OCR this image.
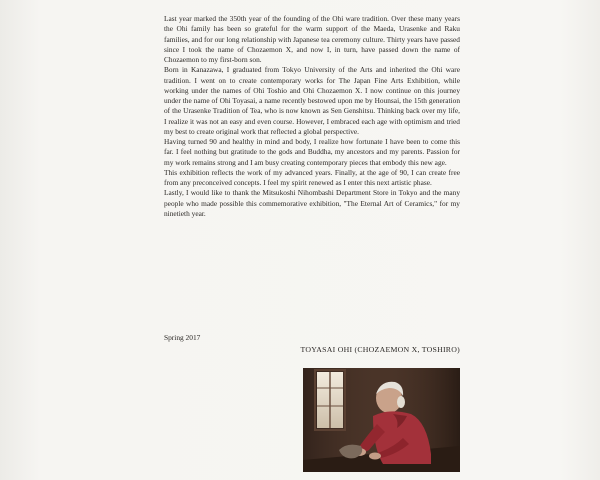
Last year marked the 350th year of the founding of the Ohi ware tradition. Over these many years the Ohi family has been so grateful for the warm support of the Maeda, Urasenke and Raku families, and for our long relationship with Japanese tea ceremony culture. Thirty years have passed since I took the name of Chozaemon X, and now I, in turn, have passed down the name of Chozaemon to my first-born son.

Born in Kanazawa, I graduated from Tokyo University of the Arts and inherited the Ohi ware tradition. I went on to create contemporary works for The Japan Fine Arts Exhibition, while working under the names of Ohi Toshio and Ohi Chozaemon X. I now continue on this journey under the name of Ohi Toyasai, a name recently bestowed upon me by Hounsai, the 15th generation of the Urasenke Tradition of Tea, who is now known as Sen Genshitsu. Thinking back over my life, I realize it was not an easy and even course. However, I embraced each age with optimism and tried my best to create original work that reflected a global perspective.

Having turned 90 and healthy in mind and body, I realize how fortunate I have been to come this far. I feel nothing but gratitude to the gods and Buddha, my ancestors and my parents. Passion for my work remains strong and I am busy creating contemporary pieces that embody this new age.

This exhibition reflects the work of my advanced years. Finally, at the age of 90, I can create free from any preconceived concepts. I feel my spirit renewed as I enter this next artistic phase.

Lastly, I would like to thank the Mitsukoshi Nihombashi Department Store in Tokyo and the many people who made possible this commemorative exhibition, "The Eternal Art of Ceramics," for my ninetieth year.

Spring 2017
TOYASAI OHI (CHOZAEMON X, TOSHIRO)
